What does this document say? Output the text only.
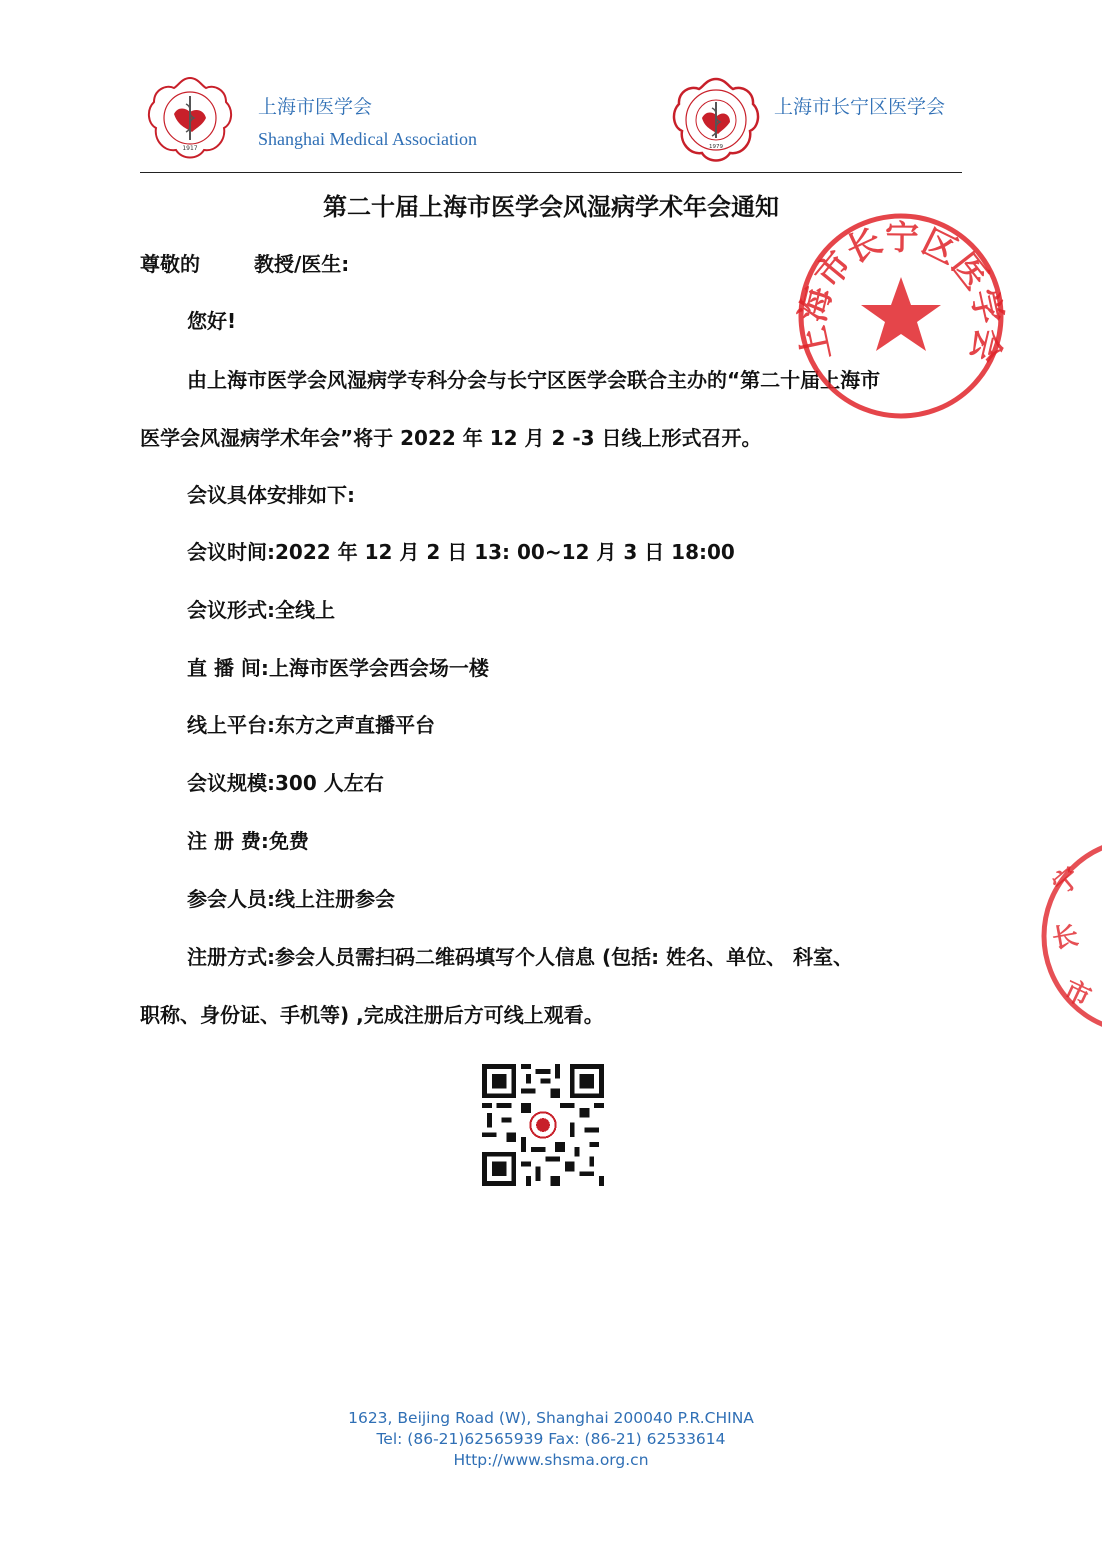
1917
上海市医学会
Shanghai Medical Association	1979
上海市长宁区医学会
第二十届上海市医学会风湿病学术年会通知
尊敬的	教授/医生:
您好!
由上海市医学会风湿病学专科分会与长宁区医学会联合主办的“第二十届上海市
医学会风湿病学术年会”将于 2022 年 12 月 2 -3 日线上形式召开。
会议具体安排如下:
会议时间:2022 年 12 月 2 日 13: 00~12 月 3 日 18:00
会议形式:全线上
直 播 间:上海市医学会西会场一楼
线上平台:东方之声直播平台
会议规模:300 人左右
注 册 费:免费
参会人员:线上注册参会
注册方式:参会人员需扫码二维码填写个人信息 (包括: 姓名、单位、 科室、
职称、身份证、手机等) ,完成注册后方可线上观看。
上海市长宁区医学会
宁
长
市
1623, Beijing Road (W), Shanghai 200040 P.R.CHINA
Tel: (86-21)62565939 Fax: (86-21) 62533614
Http://www.shsma.org.cn
